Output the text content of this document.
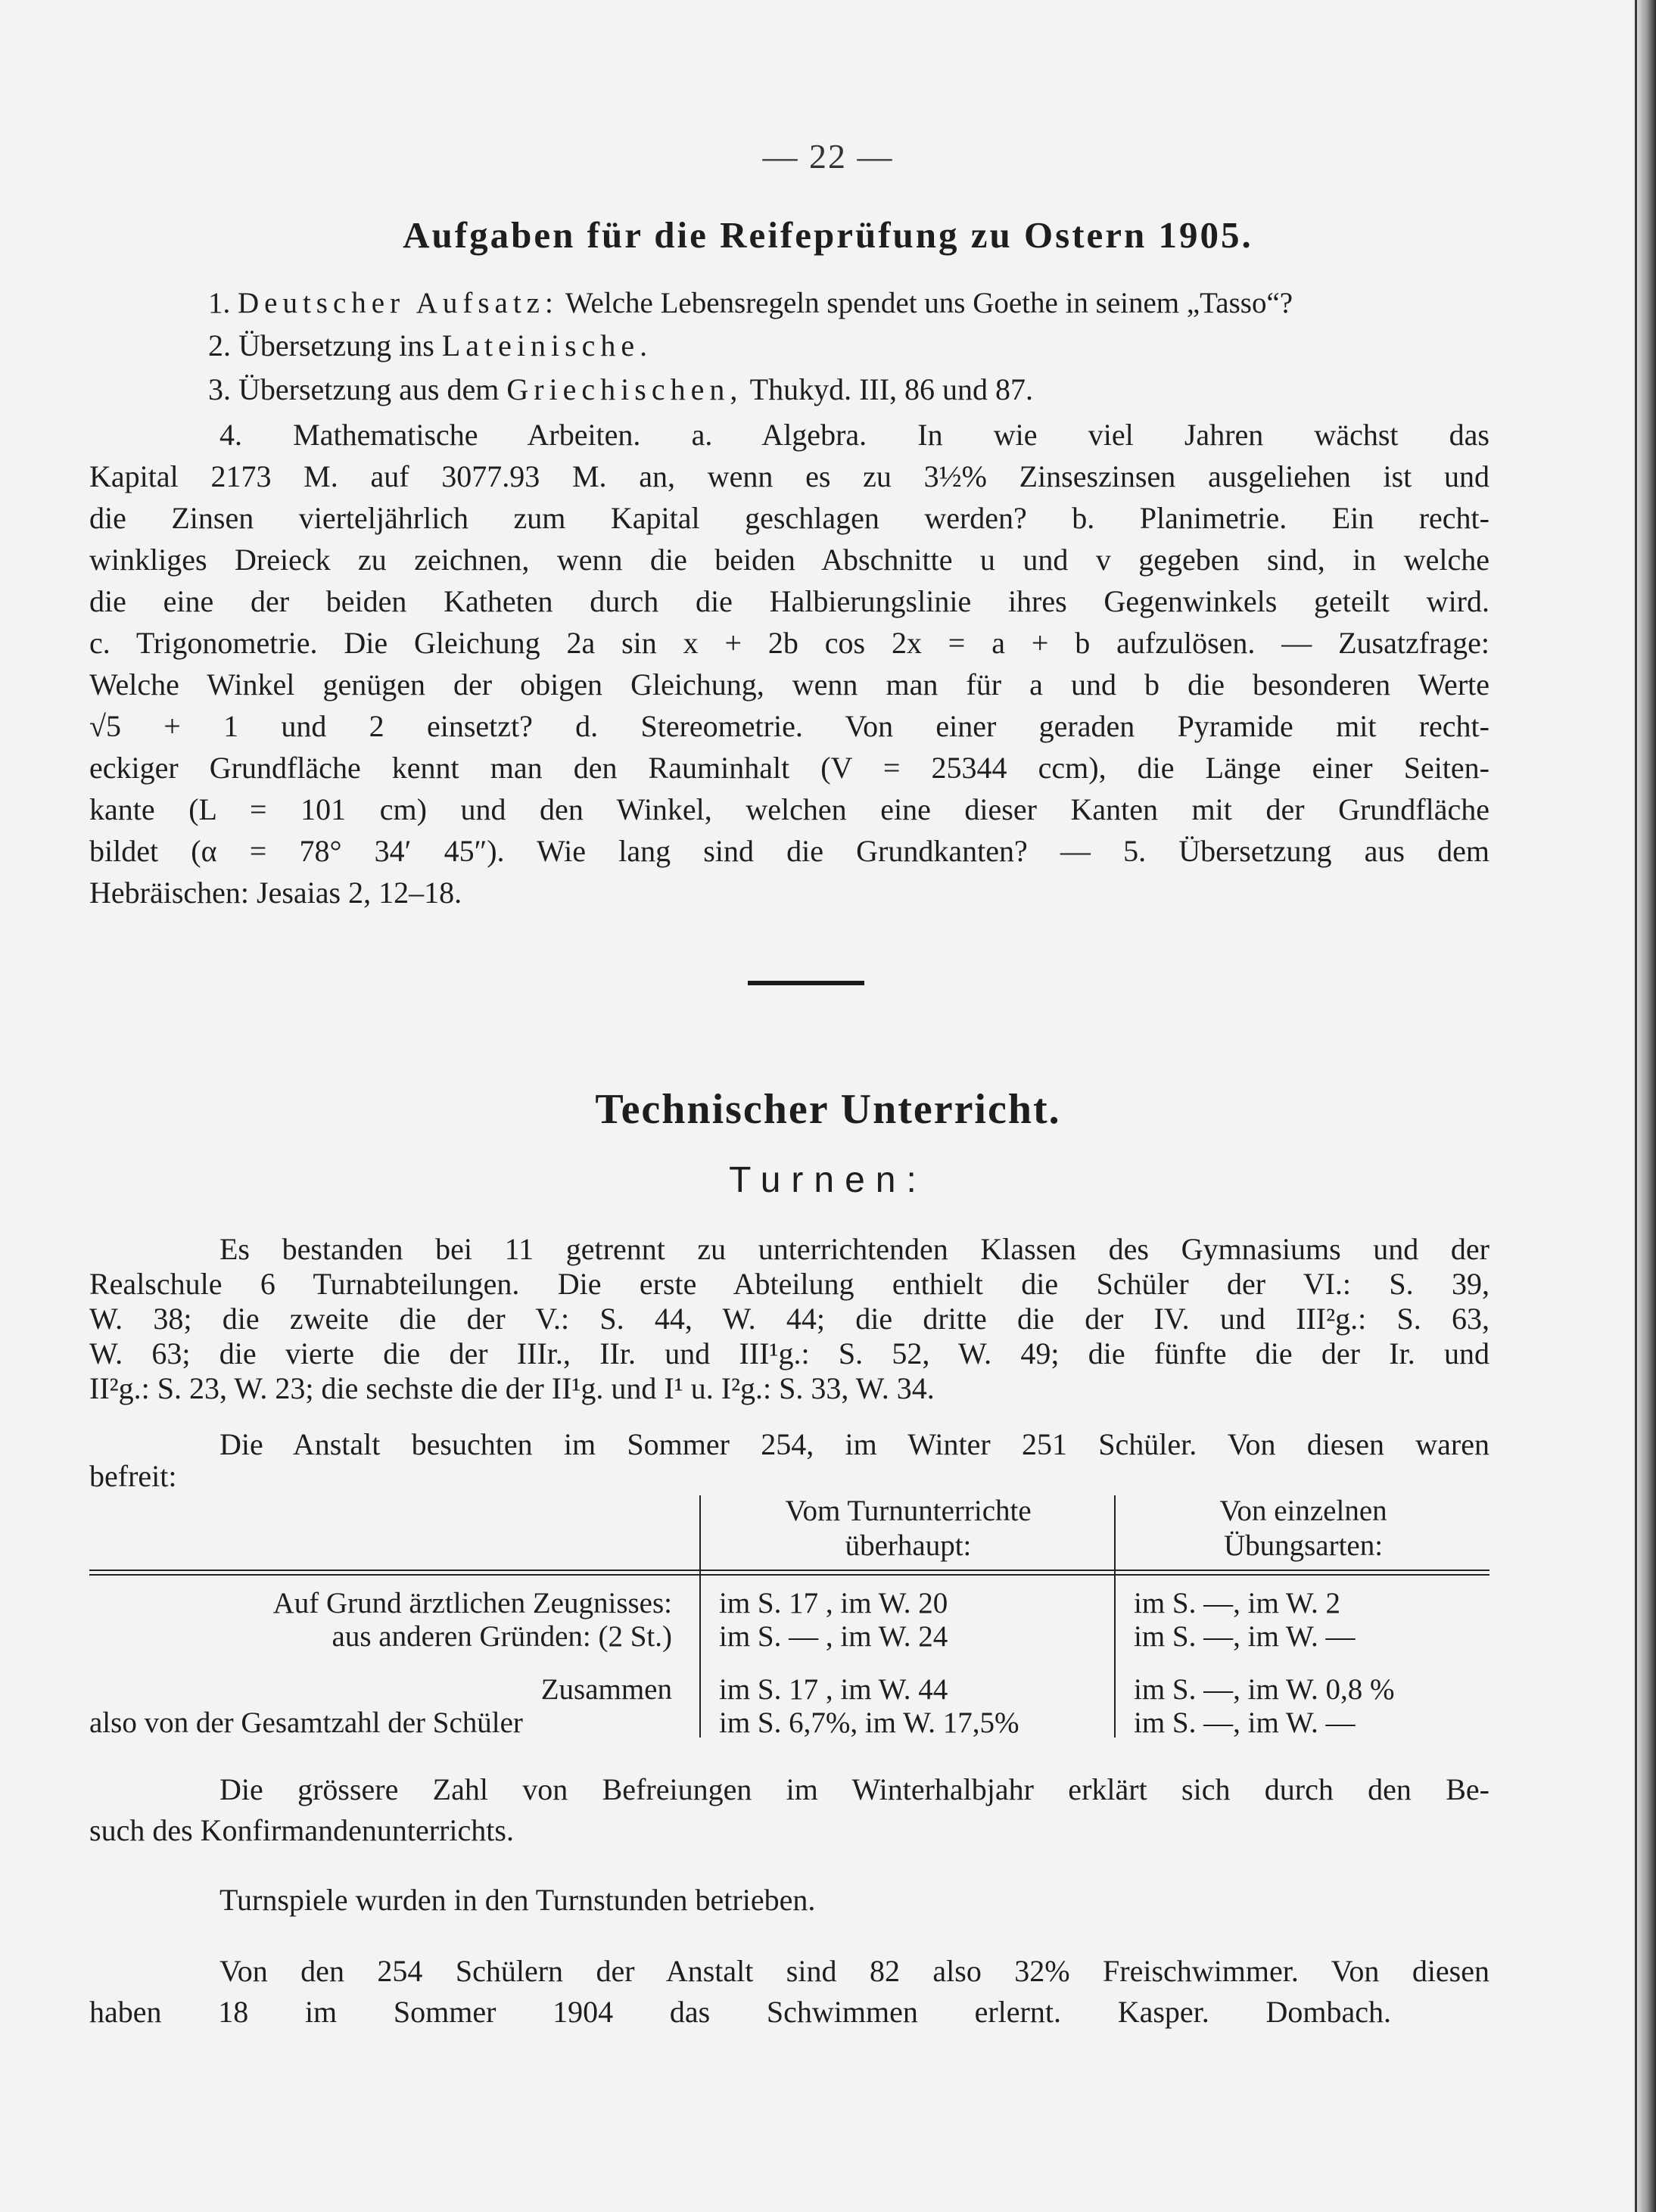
— 22 —
Aufgaben für die Reifeprüfung zu Ostern 1905.
1. Deutscher Aufsatz: Welche Lebensregeln spendet uns Goethe in seinem „Tasso“?
2. Übersetzung ins Lateinische.
3. Übersetzung aus dem Griechischen, Thukyd. III, 86 und 87.
4. Mathematische Arbeiten. a. Algebra. In wie viel Jahren wächst das
Kapital 2173 M. auf 3077.93 M. an, wenn es zu 3½% Zinseszinsen ausgeliehen ist und
die Zinsen vierteljährlich zum Kapital geschlagen werden? b. Planimetrie. Ein recht-
winkliges Dreieck zu zeichnen, wenn die beiden Abschnitte u und v gegeben sind, in welche
die eine der beiden Katheten durch die Halbierungslinie ihres Gegenwinkels geteilt wird.
c. Trigonometrie. Die Gleichung 2a sin x + 2b cos 2x = a + b aufzulösen. — Zusatzfrage:
Welche Winkel genügen der obigen Gleichung, wenn man für a und b die besonderen Werte
√5 + 1 und 2 einsetzt? d. Stereometrie. Von einer geraden Pyramide mit recht-
eckiger Grundfläche kennt man den Rauminhalt (V = 25344 ccm), die Länge einer Seiten-
kante (L = 101 cm) und den Winkel, welchen eine dieser Kanten mit der Grundfläche
bildet (α = 78° 34′ 45″). Wie lang sind die Grundkanten? — 5. Übersetzung aus dem
Hebräischen: Jesaias 2, 12–18.
Technischer Unterricht.
Turnen:
Es bestanden bei 11 getrennt zu unterrichtenden Klassen des Gymnasiums und der
Realschule 6 Turnabteilungen. Die erste Abteilung enthielt die Schüler der VI.: S. 39,
W. 38; die zweite die der V.: S. 44, W. 44; die dritte die der IV. und III²g.: S. 63,
W. 63; die vierte die der IIIr., IIr. und III¹g.: S. 52, W. 49; die fünfte die der Ir. und
II²g.: S. 23, W. 23; die sechste die der II¹g. und I¹ u. I²g.: S. 33, W. 34.
Die Anstalt besuchten im Sommer 254, im Winter 251 Schüler. Von diesen waren
befreit:
Vom Turnunterrichte
überhaupt:
Von einzelnen
Übungsarten:
Auf Grund ärztlichen Zeugnisses: im S. 17 , im W. 20	im S. —, im W. 2
aus anderen Gründen: (2 St.) im S. — , im W. 24	im S. —, im W. —
Zusammen im S. 17 , im W. 44	im S. —, im W. 0,8 %
also von der Gesamtzahl der Schüler	im S. 6,7%, im W. 17,5%	im S. —, im W. —
Die grössere Zahl von Befreiungen im Winterhalbjahr erklärt sich durch den Be-
such des Konfirmandenunterrichts.
Turnspiele wurden in den Turnstunden betrieben.
Von den 254 Schülern der Anstalt sind 82 also 32% Freischwimmer. Von diesen
haben 18 im Sommer 1904 das Schwimmen erlernt. Kasper. Dombach.
